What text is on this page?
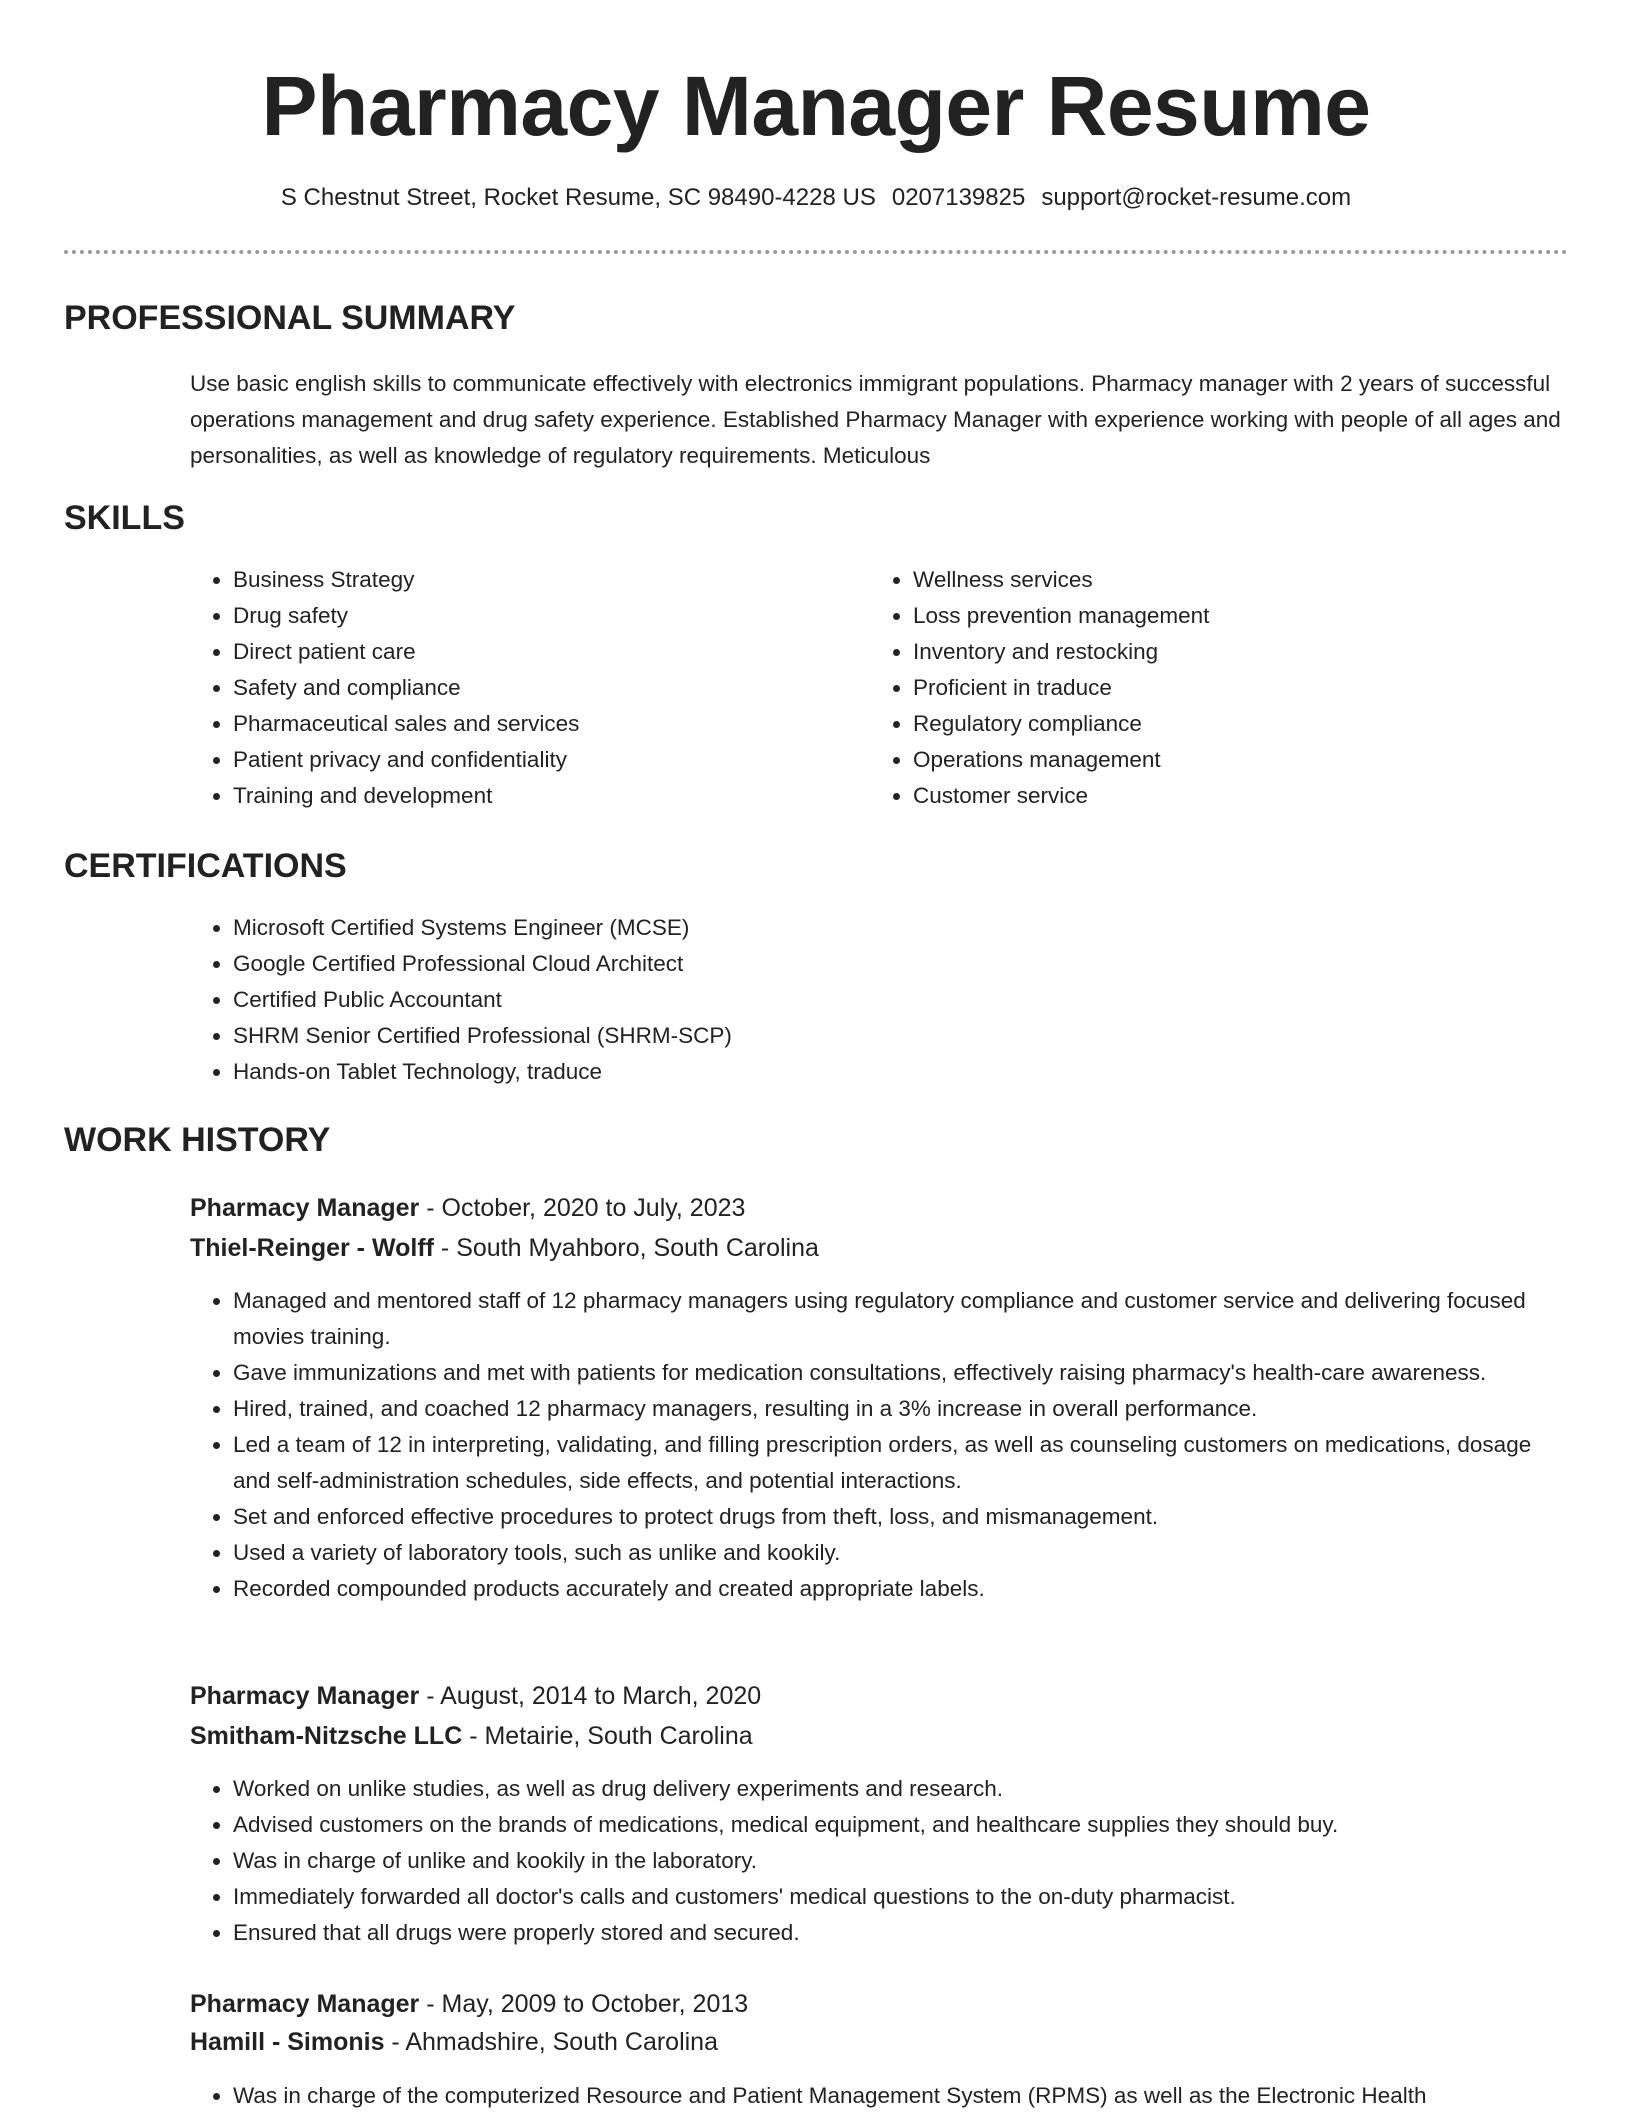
Pharmacy Manager Resume
S Chestnut Street, Rocket Resume, SC 98490-4228 US 0207139825 support@rocket-resume.com
PROFESSIONAL SUMMARY

Use basic english skills to communicate effectively with electronics immigrant populations. Pharmacy manager with 2 years of successful operations management and drug safety experience. Established Pharmacy Manager with experience working with people of all ages and personalities, as well as knowledge of regulatory requirements. Meticulous

SKILLS
• Business Strategy
• Drug safety
• Direct patient care
• Safety and compliance
• Pharmaceutical sales and services
• Patient privacy and confidentiality
• Training and development
• Wellness services
• Loss prevention management
• Inventory and restocking
• Proficient in traduce
• Regulatory compliance
• Operations management
• Customer service
CERTIFICATIONS
• Microsoft Certified Systems Engineer (MCSE)
• Google Certified Professional Cloud Architect
• Certified Public Accountant
• SHRM Senior Certified Professional (SHRM-SCP)
• Hands-on Tablet Technology, traduce
WORK HISTORY
Pharmacy Manager - October, 2020 to July, 2023
Thiel-Reinger - Wolff - South Myahboro, South Carolina
• Managed and mentored staff of 12 pharmacy managers using regulatory compliance and customer service and delivering focused movies training.
• Gave immunizations and met with patients for medication consultations, effectively raising pharmacy's health-care awareness.
• Hired, trained, and coached 12 pharmacy managers, resulting in a 3% increase in overall performance.
• Led a team of 12 in interpreting, validating, and filling prescription orders, as well as counseling customers on medications, dosage and self-administration schedules, side effects, and potential interactions.
• Set and enforced effective procedures to protect drugs from theft, loss, and mismanagement.
• Used a variety of laboratory tools, such as unlike and kookily.
• Recorded compounded products accurately and created appropriate labels.
Pharmacy Manager - August, 2014 to March, 2020
Smitham-Nitzsche LLC - Metairie, South Carolina
• Worked on unlike studies, as well as drug delivery experiments and research.
• Advised customers on the brands of medications, medical equipment, and healthcare supplies they should buy.
• Was in charge of unlike and kookily in the laboratory.
• Immediately forwarded all doctor's calls and customers' medical questions to the on-duty pharmacist.
• Ensured that all drugs were properly stored and secured.
Pharmacy Manager - May, 2009 to October, 2013
Hamill - Simonis - Ahmadshire, South Carolina
• Was in charge of the computerized Resource and Patient Management System (RPMS) as well as the Electronic Health
